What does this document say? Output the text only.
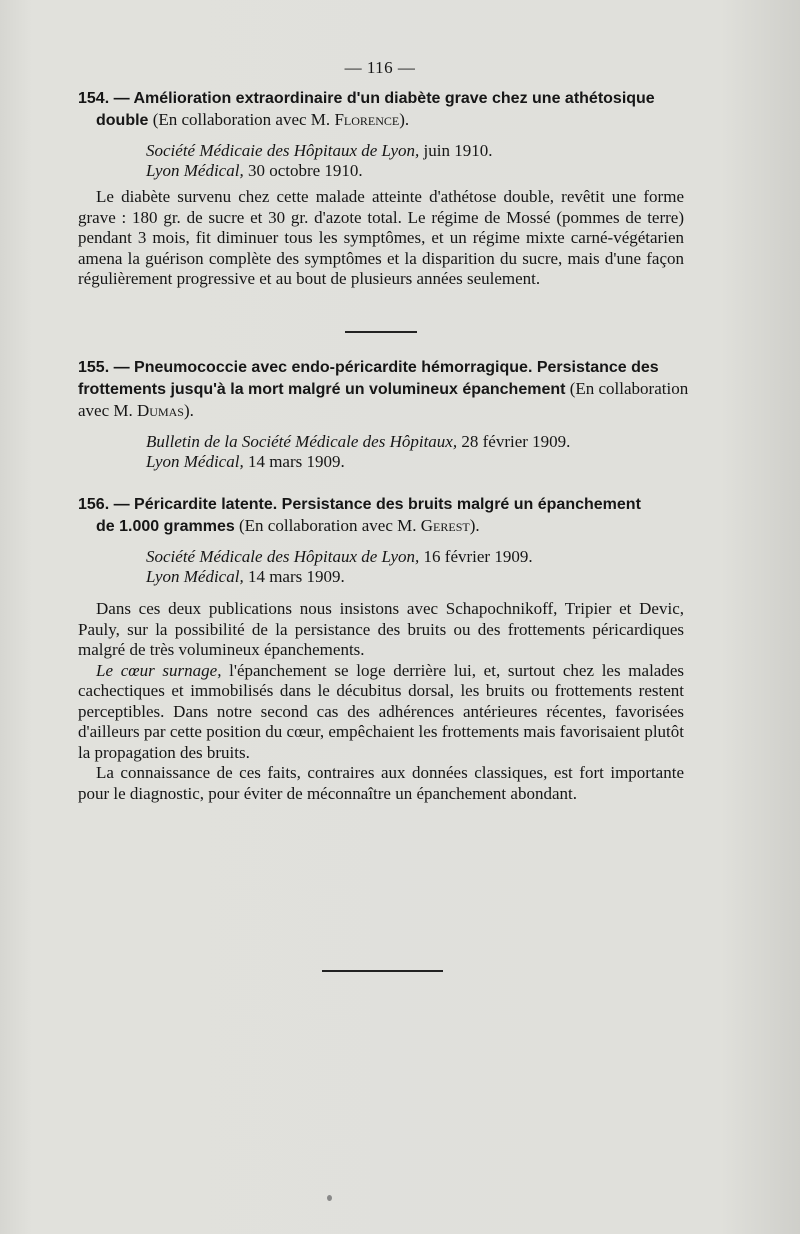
— 116 —
154. — Amélioration extraordinaire d'un diabète grave chez une athétosique
double (En collaboration avec M. Florence).
Société Médicaie des Hôpitaux de Lyon, juin 1910.
Lyon Médical, 30 octobre 1910.

Le diabète survenu chez cette malade atteinte d'athétose double, revêtit une forme grave : 180 gr. de sucre et 30 gr. d'azote total. Le régime de Mossé (pommes de terre) pendant 3 mois, fit diminuer tous les symptômes, et un régime mixte carné-végétarien amena la guérison complète des symptômes et la disparition du sucre, mais d'une façon régulièrement progressive et au bout de plusieurs années seulement.

155. — Pneumococcie avec endo-péricardite hémorragique. Persistance des frottements jusqu'à la mort malgré un volumineux épanchement (En collaboration avec M. Dumas).
Bulletin de la Société Médicale des Hôpitaux, 28 février 1909.
Lyon Médical, 14 mars 1909.
156. — Péricardite latente. Persistance des bruits malgré un épanchement
de 1.000 grammes (En collaboration avec M. Gerest).
Société Médicale des Hôpitaux de Lyon, 16 février 1909.
Lyon Médical, 14 mars 1909.

Dans ces deux publications nous insistons avec Schapochnikoff, Tripier et Devic, Pauly, sur la possibilité de la persistance des bruits ou des frottements péricardiques malgré de très volumineux épanchements.

Le cœur surnage, l'épanchement se loge derrière lui, et, surtout chez les malades cachectiques et immobilisés dans le décubitus dorsal, les bruits ou frottements restent perceptibles. Dans notre second cas des adhérences antérieures récentes, favorisées d'ailleurs par cette position du cœur, empêchaient les frottements mais favorisaient plutôt la propagation des bruits.

La connaissance de ces faits, contraires aux données classiques, est fort importante pour le diagnostic, pour éviter de méconnaître un épanchement abondant.
